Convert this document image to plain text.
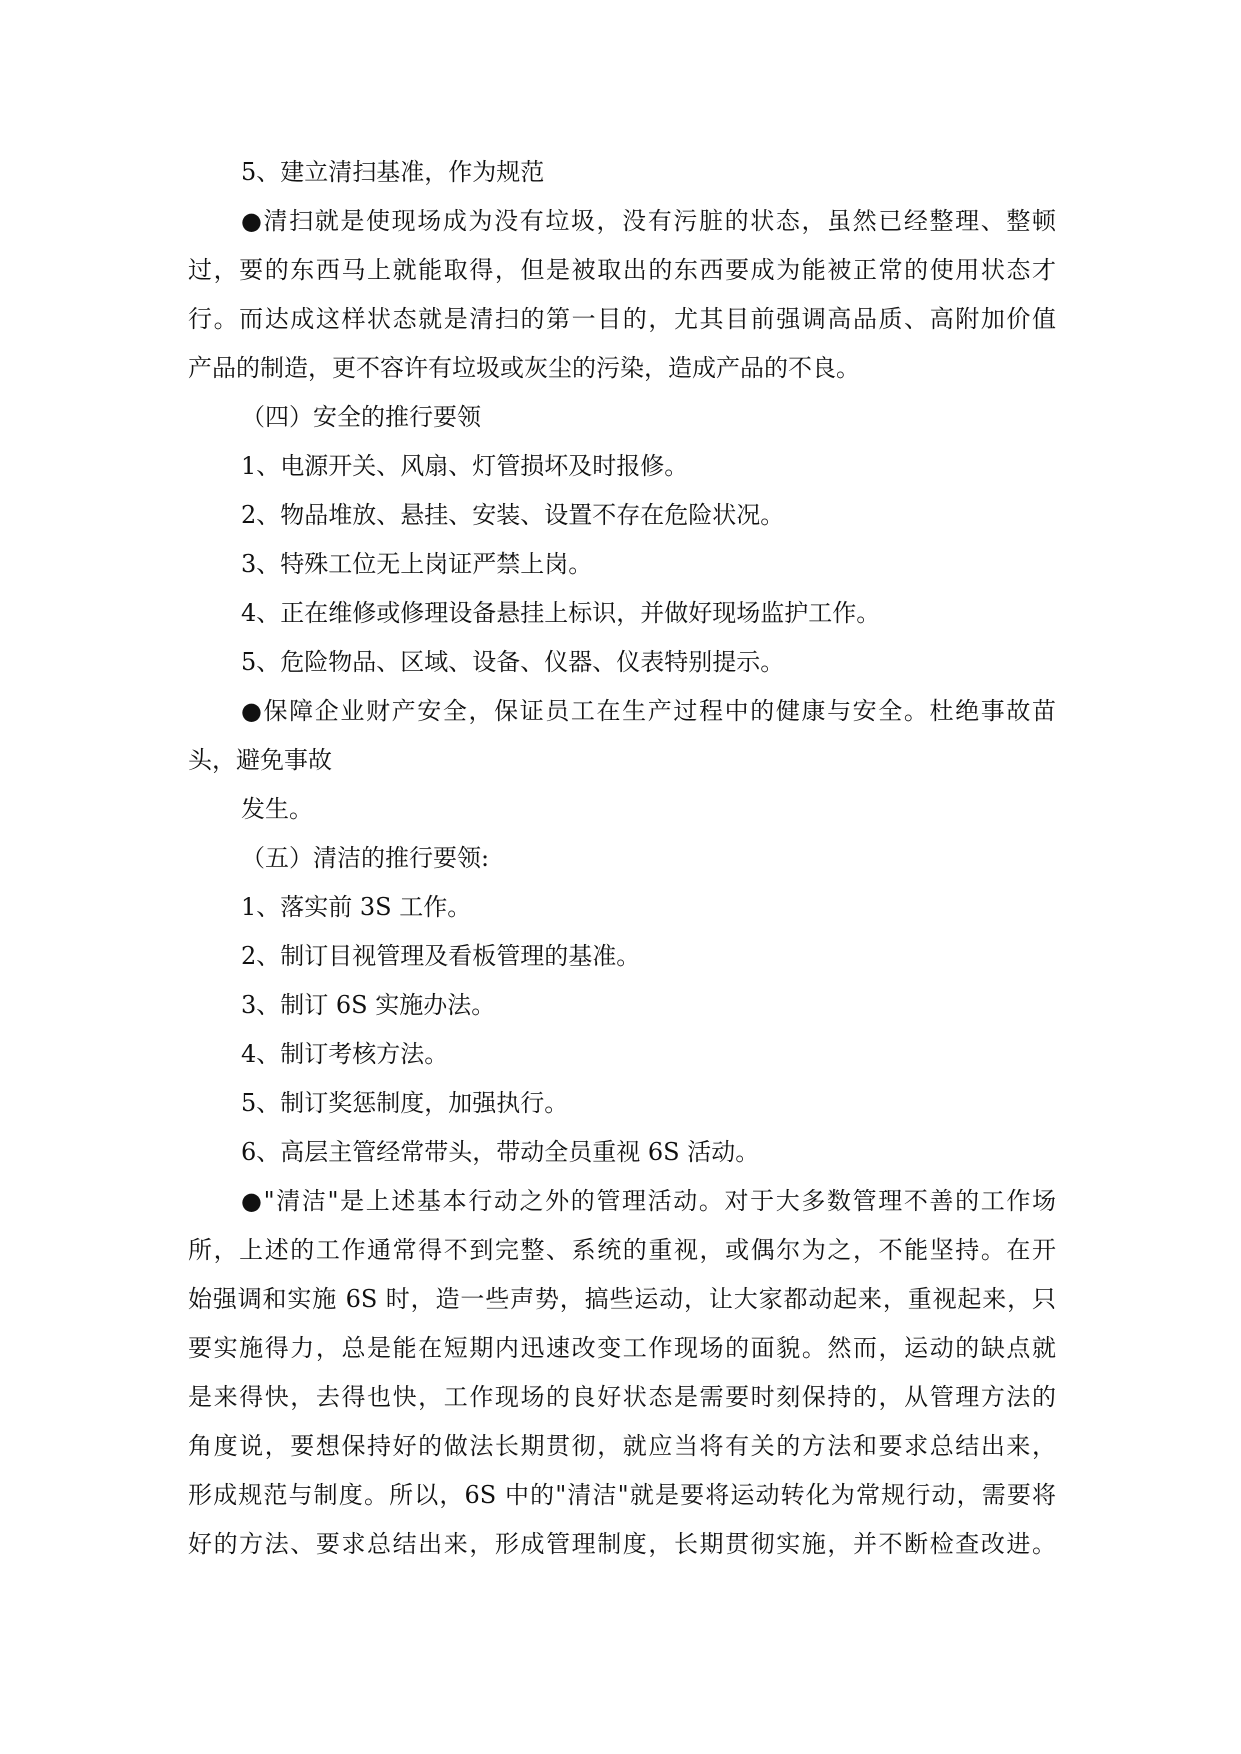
5、建立清扫基准，作为规范
●清扫就是使现场成为没有垃圾，没有污脏的状态，虽然已经整理、整顿
过，要的东西马上就能取得，但是被取出的东西要成为能被正常的使用状态才
行。而达成这样状态就是清扫的第一目的，尤其目前强调高品质、高附加价值
产品的制造，更不容许有垃圾或灰尘的污染，造成产品的不良。
（四）安全的推行要领
1、电源开关、风扇、灯管损坏及时报修。
2、物品堆放、悬挂、安装、设置不存在危险状况。
3、特殊工位无上岗证严禁上岗。
4、正在维修或修理设备悬挂上标识，并做好现场监护工作。
5、危险物品、区域、设备、仪器、仪表特别提示。
●保障企业财产安全，保证员工在生产过程中的健康与安全。杜绝事故苗
头，避免事故
发生。
（五）清洁的推行要领:
1、落实前 3S 工作。
2、制订目视管理及看板管理的基准。
3、制订 6S 实施办法。
4、制订考核方法。
5、制订奖惩制度，加强执行。
6、高层主管经常带头，带动全员重视 6S 活动。
●"清洁"是上述基本行动之外的管理活动。对于大多数管理不善的工作场
所，上述的工作通常得不到完整、系统的重视，或偶尔为之，不能坚持。在开
始强调和实施 6S 时，造一些声势，搞些运动，让大家都动起来，重视起来，只
要实施得力，总是能在短期内迅速改变工作现场的面貌。然而，运动的缺点就
是来得快，去得也快，工作现场的良好状态是需要时刻保持的，从管理方法的
角度说，要想保持好的做法长期贯彻，就应当将有关的方法和要求总结出来，
形成规范与制度。所以，6S 中的"清洁"就是要将运动转化为常规行动，需要将
好的方法、要求总结出来，形成管理制度，长期贯彻实施，并不断检查改进。
